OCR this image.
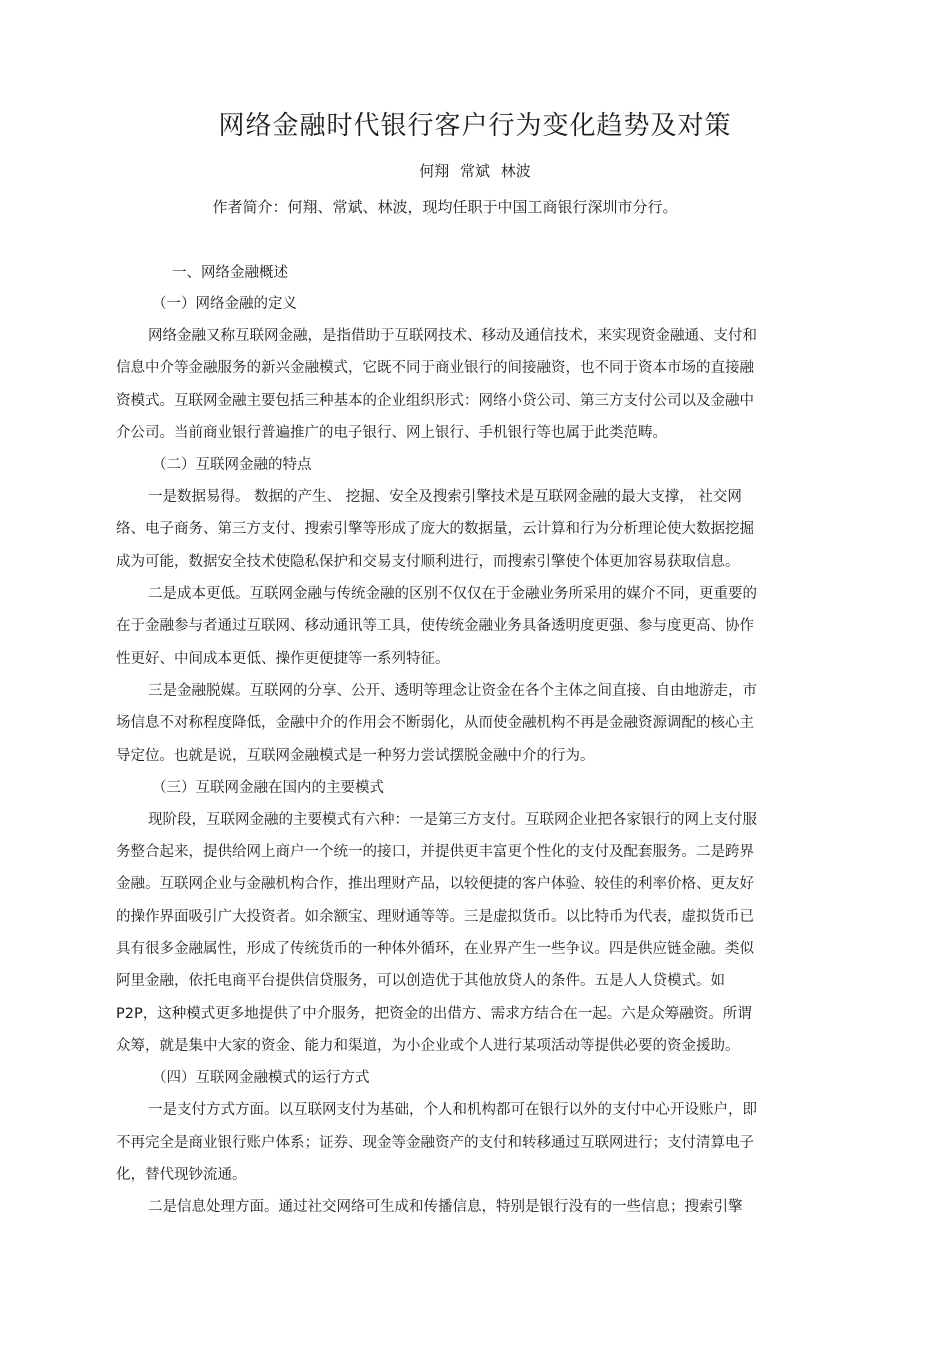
网络金融时代银行客户行为变化趋势及对策
何翔 常斌 林波
作者简介：何翔、常斌、林波，现均任职于中国工商银行深圳市分行。

一、网络金融概述

（一）网络金融的定义

网络金融又称互联网金融，是指借助于互联网技术、移动及通信技术，来实现资金融通、支付和信息中介等金融服务的新兴金融模式，它既不同于商业银行的间接融资，也不同于资本市场的直接融资模式。互联网金融主要包括三种基本的企业组织形式：网络小贷公司、第三方支付公司以及金融中介公司。当前商业银行普遍推广的电子银行、网上银行、手机银行等也属于此类范畴。

（二）互联网金融的特点

一是数据易得。 数据的产生、 挖掘、安全及搜索引擎技术是互联网金融的最大支撑， 社交网络、电子商务、第三方支付、搜索引擎等形成了庞大的数据量，云计算和行为分析理论使大数据挖掘成为可能，数据安全技术使隐私保护和交易支付顺利进行，而搜索引擎使个体更加容易获取信息。

二是成本更低。互联网金融与传统金融的区别不仅仅在于金融业务所采用的媒介不同，更重要的在于金融参与者通过互联网、移动通讯等工具，使传统金融业务具备透明度更强、参与度更高、协作性更好、中间成本更低、操作更便捷等一系列特征。

三是金融脱媒。互联网的分享、公开、透明等理念让资金在各个主体之间直接、自由地游走，市场信息不对称程度降低，金融中介的作用会不断弱化，从而使金融机构不再是金融资源调配的核心主导定位。也就是说，互联网金融模式是一种努力尝试摆脱金融中介的行为。

（三）互联网金融在国内的主要模式

现阶段，互联网金融的主要模式有六种：一是第三方支付。互联网企业把各家银行的网上支付服务整合起来，提供给网上商户一个统一的接口，并提供更丰富更个性化的支付及配套服务。二是跨界金融。互联网企业与金融机构合作，推出理财产品，以较便捷的客户体验、较佳的利率价格、更友好的操作界面吸引广大投资者。如余额宝、理财通等等。三是虚拟货币。以比特币为代表，虚拟货币已具有很多金融属性，形成了传统货币的一种体外循环，在业界产生一些争议。四是供应链金融。类似阿里金融，依托电商平台提供信贷服务，可以创造优于其他放贷人的条件。五是人人贷模式。如 P2P，这种模式更多地提供了中介服务，把资金的出借方、需求方结合在一起。六是众筹融资。所谓众筹，就是集中大家的资金、能力和渠道，为小企业或个人进行某项活动等提供必要的资金援助。

（四）互联网金融模式的运行方式

一是支付方式方面。以互联网支付为基础，个人和机构都可在银行以外的支付中心开设账户，即不再完全是商业银行账户体系；证券、现金等金融资产的支付和转移通过互联网进行；支付清算电子化，替代现钞流通。

二是信息处理方面。通过社交网络可生成和传播信息，特别是银行没有的一些信息；搜索引擎
